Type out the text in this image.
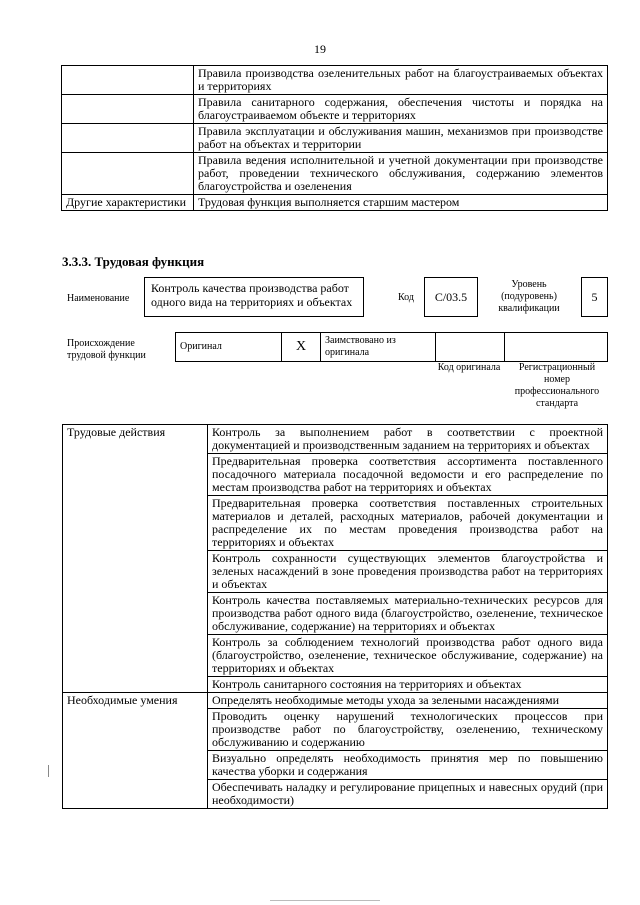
19
	Правила производства озеленительных работ на благоустраиваемых объектах и территориях
	Правила санитарного содержания, обеспечения чистоты и порядка на благоустраиваемом объекте и территориях
	Правила эксплуатации и обслуживания машин, механизмов при производстве работ на объектах и территории
	Правила ведения исполнительной и учетной документации при производстве работ, проведении технического обслуживания, содержанию элементов благоустройства и озеленения
Другие характеристики	Трудовая функция выполняется старшим мастером
3.3.3. Трудовая функция
Наименование
Контроль качества производства работ одного вида на территориях и объектах	Код C/03.5
Уровень (подуровень) квалификации
5
Происхождение трудовой функции
Оригинал	X	Заимствовано из оригинала		
Код оригинала	Регистрационный номер профессионального стандарта
Трудовые действия	Контроль за выполнением работ в соответствии с проектной документацией и производственным заданием на территориях и объектах
	Предварительная проверка соответствия ассортимента поставленного посадочного материала посадочной ведомости и его распределение по местам производства работ на территориях и объектах
	Предварительная проверка соответствия поставленных строительных материалов и деталей, расходных материалов, рабочей документации и распределение их по местам проведения производства работ на территориях и объектах
	Контроль сохранности существующих элементов благоустройства и зеленых насаждений в зоне проведения производства работ на территориях и объектах
	Контроль качества поставляемых материально-технических ресурсов для производства работ одного вида (благоустройство, озеленение, техническое обслуживание, содержание) на территориях и объектах
	Контроль за соблюдением технологий производства работ одного вида (благоустройство, озеленение, техническое обслуживание, содержание) на территориях и объектах
	Контроль санитарного состояния на территориях и объектах
Необходимые умения	Определять необходимые методы ухода за зелеными насаждениями
	Проводить оценку нарушений технологических процессов при производстве работ по благоустройству, озеленению, техническому обслуживанию и содержанию
	Визуально определять необходимость принятия мер по повышению качества уборки и содержания
	Обеспечивать наладку и регулирование прицепных и навесных орудий (при необходимости)
